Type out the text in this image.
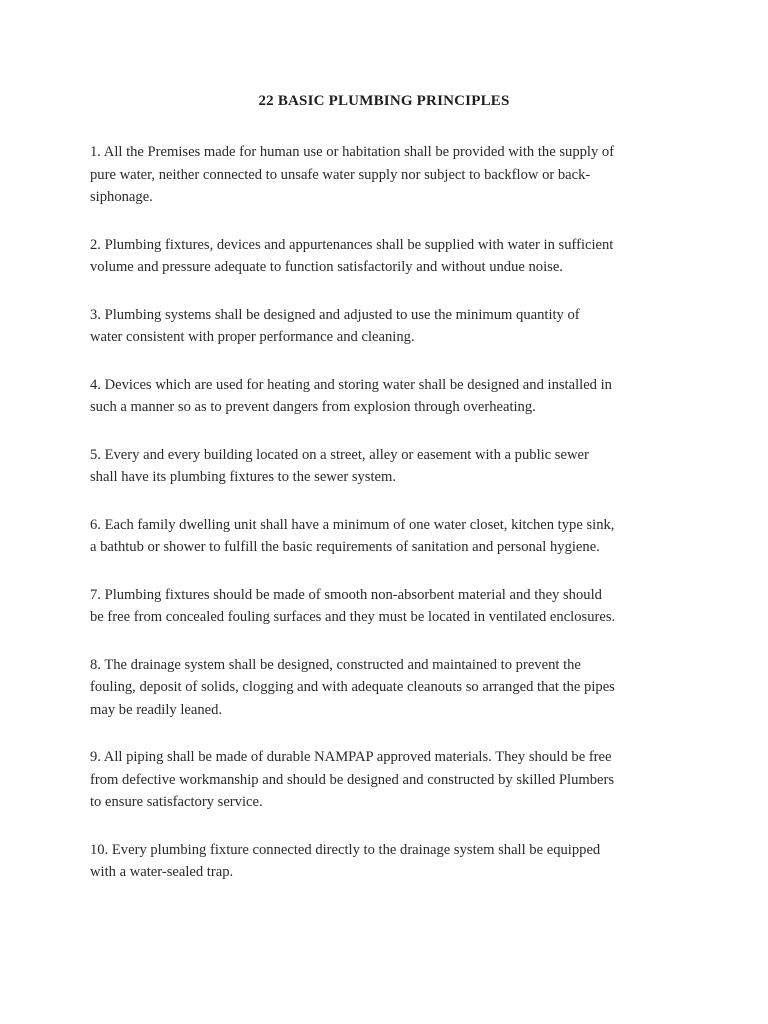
22 BASIC PLUMBING PRINCIPLES
1. All the Premises made for human use or habitation shall be provided with the supply of
pure water, neither connected to unsafe water supply nor subject to backflow or back-
siphonage.
2. Plumbing fixtures, devices and appurtenances shall be supplied with water in sufficient
volume and pressure adequate to function satisfactorily and without undue noise.
3. Plumbing systems shall be designed and adjusted to use the minimum quantity of
water consistent with proper performance and cleaning.
4. Devices which are used for heating and storing water shall be designed and installed in
such a manner so as to prevent dangers from explosion through overheating.
5. Every and every building located on a street, alley or easement with a public sewer
shall have its plumbing fixtures to the sewer system.
6. Each family dwelling unit shall have a minimum of one water closet, kitchen type sink,
a bathtub or shower to fulfill the basic requirements of sanitation and personal hygiene.
7. Plumbing fixtures should be made of smooth non-absorbent material and they should
be free from concealed fouling surfaces and they must be located in ventilated enclosures.
8. The drainage system shall be designed, constructed and maintained to prevent the
fouling, deposit of solids, clogging and with adequate cleanouts so arranged that the pipes
may be readily leaned.
9. All piping shall be made of durable NAMPAP approved materials. They should be free
from defective workmanship and should be designed and constructed by skilled Plumbers
to ensure satisfactory service.
10. Every plumbing fixture connected directly to the drainage system shall be equipped
with a water-sealed trap.
